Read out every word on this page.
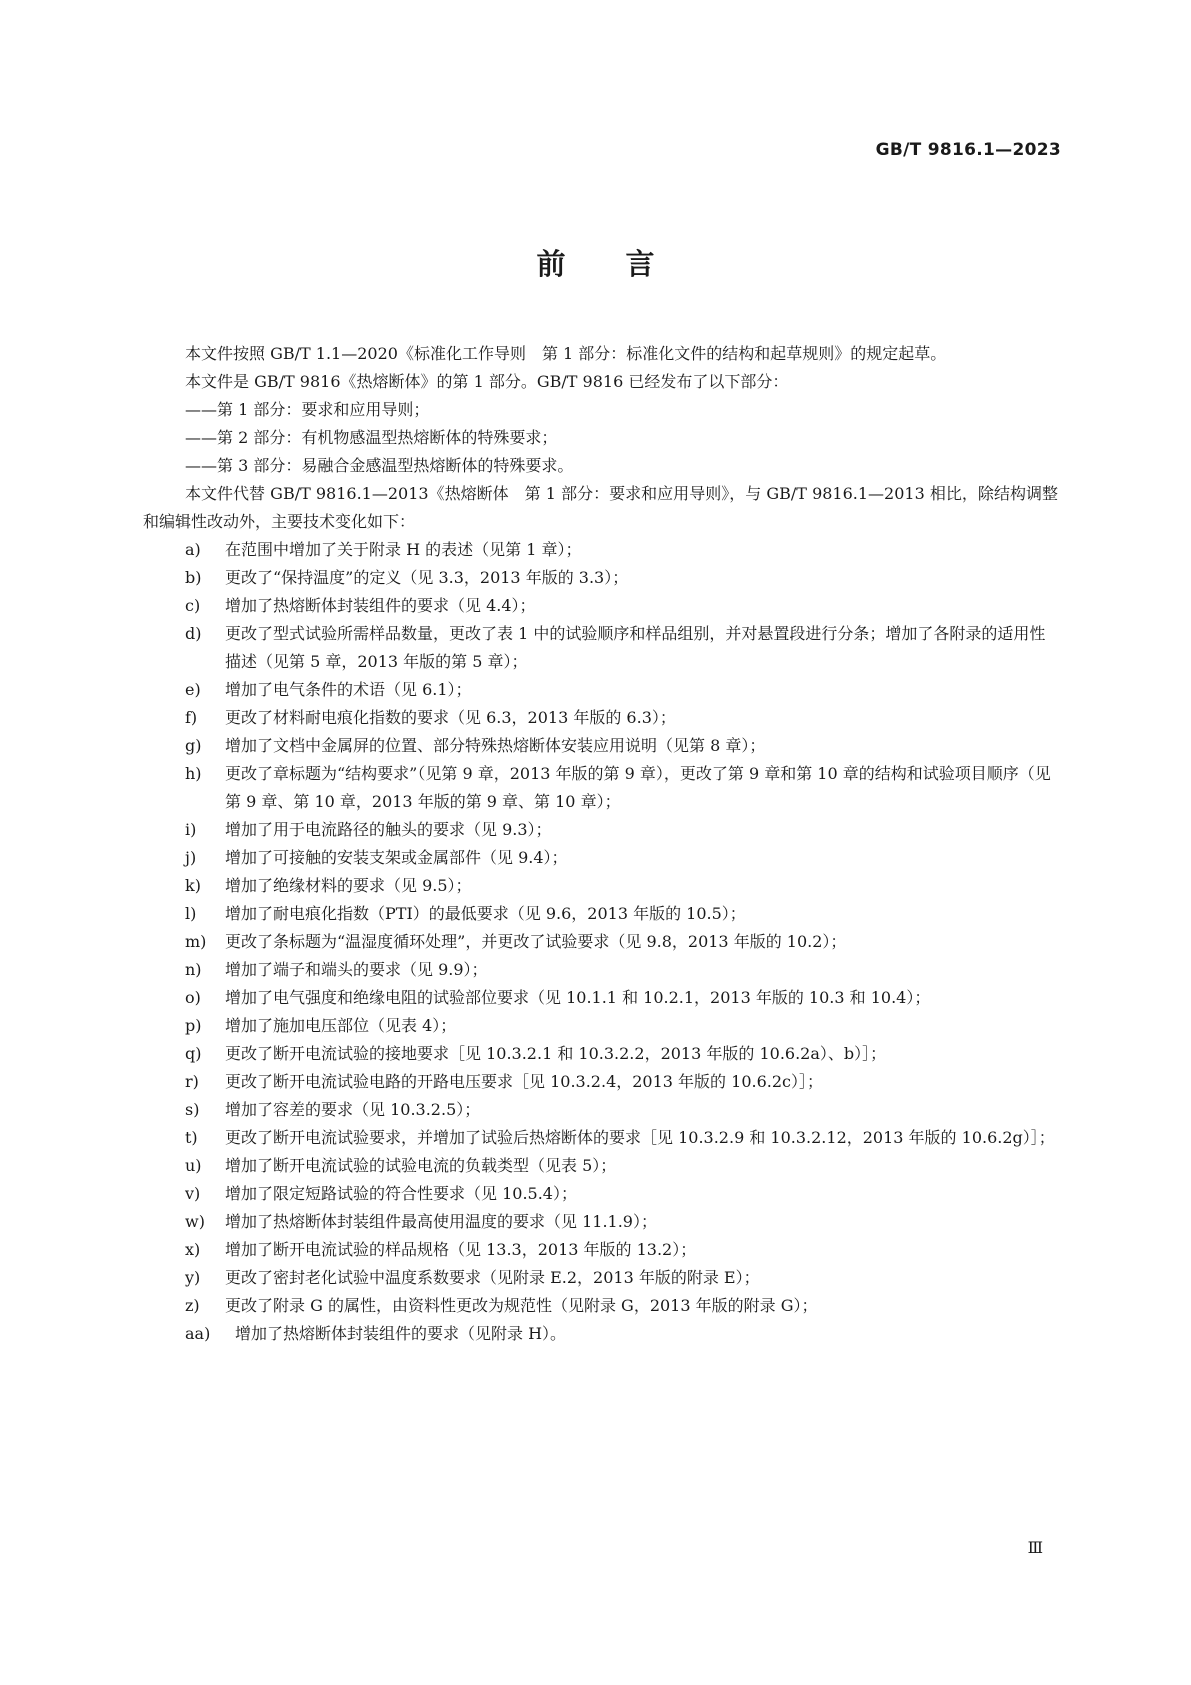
GB/T 9816.1—2023
前言

本文件按照 GB/T 1.1—2020《标准化工作导则　第 1 部分：标准化文件的结构和起草规则》的规定起草。

本文件是 GB/T 9816《热熔断体》的第 1 部分。GB/T 9816 已经发布了以下部分：

——第 1 部分：要求和应用导则；

——第 2 部分：有机物感温型热熔断体的特殊要求；

——第 3 部分：易融合金感温型热熔断体的特殊要求。

本文件代替 GB/T 9816.1—2013《热熔断体　第 1 部分：要求和应用导则》，与 GB/T 9816.1—2013 相比，除结构调整和编辑性改动外，主要技术变化如下：

a) 在范围中增加了关于附录 H 的表述（见第 1 章）；
b) 更改了“保持温度”的定义（见 3.3，2013 年版的 3.3）；
c) 增加了热熔断体封装组件的要求（见 4.4）；
d) 更改了型式试验所需样品数量，更改了表 1 中的试验顺序和样品组别，并对悬置段进行分条；增加了各附录的适用性描述（见第 5 章，2013 年版的第 5 章）；
e) 增加了电气条件的术语（见 6.1）；
f) 更改了材料耐电痕化指数的要求（见 6.3，2013 年版的 6.3）；
g) 增加了文档中金属屏的位置、部分特殊热熔断体安装应用说明（见第 8 章）；
h) 更改了章标题为“结构要求”（见第 9 章，2013 年版的第 9 章），更改了第 9 章和第 10 章的结构和试验项目顺序（见第 9 章、第 10 章，2013 年版的第 9 章、第 10 章）；
i) 增加了用于电流路径的触头的要求（见 9.3）；
j) 增加了可接触的安装支架或金属部件（见 9.4）；
k) 增加了绝缘材料的要求（见 9.5）；
l) 增加了耐电痕化指数（PTI）的最低要求（见 9.6，2013 年版的 10.5）；
m) 更改了条标题为“温湿度循环处理”，并更改了试验要求（见 9.8，2013 年版的 10.2）；
n) 增加了端子和端头的要求（见 9.9）；
o) 增加了电气强度和绝缘电阻的试验部位要求（见 10.1.1 和 10.2.1，2013 年版的 10.3 和 10.4）；
p) 增加了施加电压部位（见表 4）；
q) 更改了断开电流试验的接地要求［见 10.3.2.1 和 10.3.2.2，2013 年版的 10.6.2a）、b）］；
r) 更改了断开电流试验电路的开路电压要求［见 10.3.2.4，2013 年版的 10.6.2c）］；
s) 增加了容差的要求（见 10.3.2.5）；
t) 更改了断开电流试验要求，并增加了试验后热熔断体的要求［见 10.3.2.9 和 10.3.2.12，2013 年版的 10.6.2g）］；
u) 增加了断开电流试验的试验电流的负载类型（见表 5）；
v) 增加了限定短路试验的符合性要求（见 10.5.4）；
w) 增加了热熔断体封装组件最高使用温度的要求（见 11.1.9）；
x) 增加了断开电流试验的样品规格（见 13.3，2013 年版的 13.2）；
y) 更改了密封老化试验中温度系数要求（见附录 E.2，2013 年版的附录 E）；
z) 更改了附录 G 的属性，由资料性更改为规范性（见附录 G，2013 年版的附录 G）；
aa) 增加了热熔断体封装组件的要求（见附录 H）。
Ⅲ
